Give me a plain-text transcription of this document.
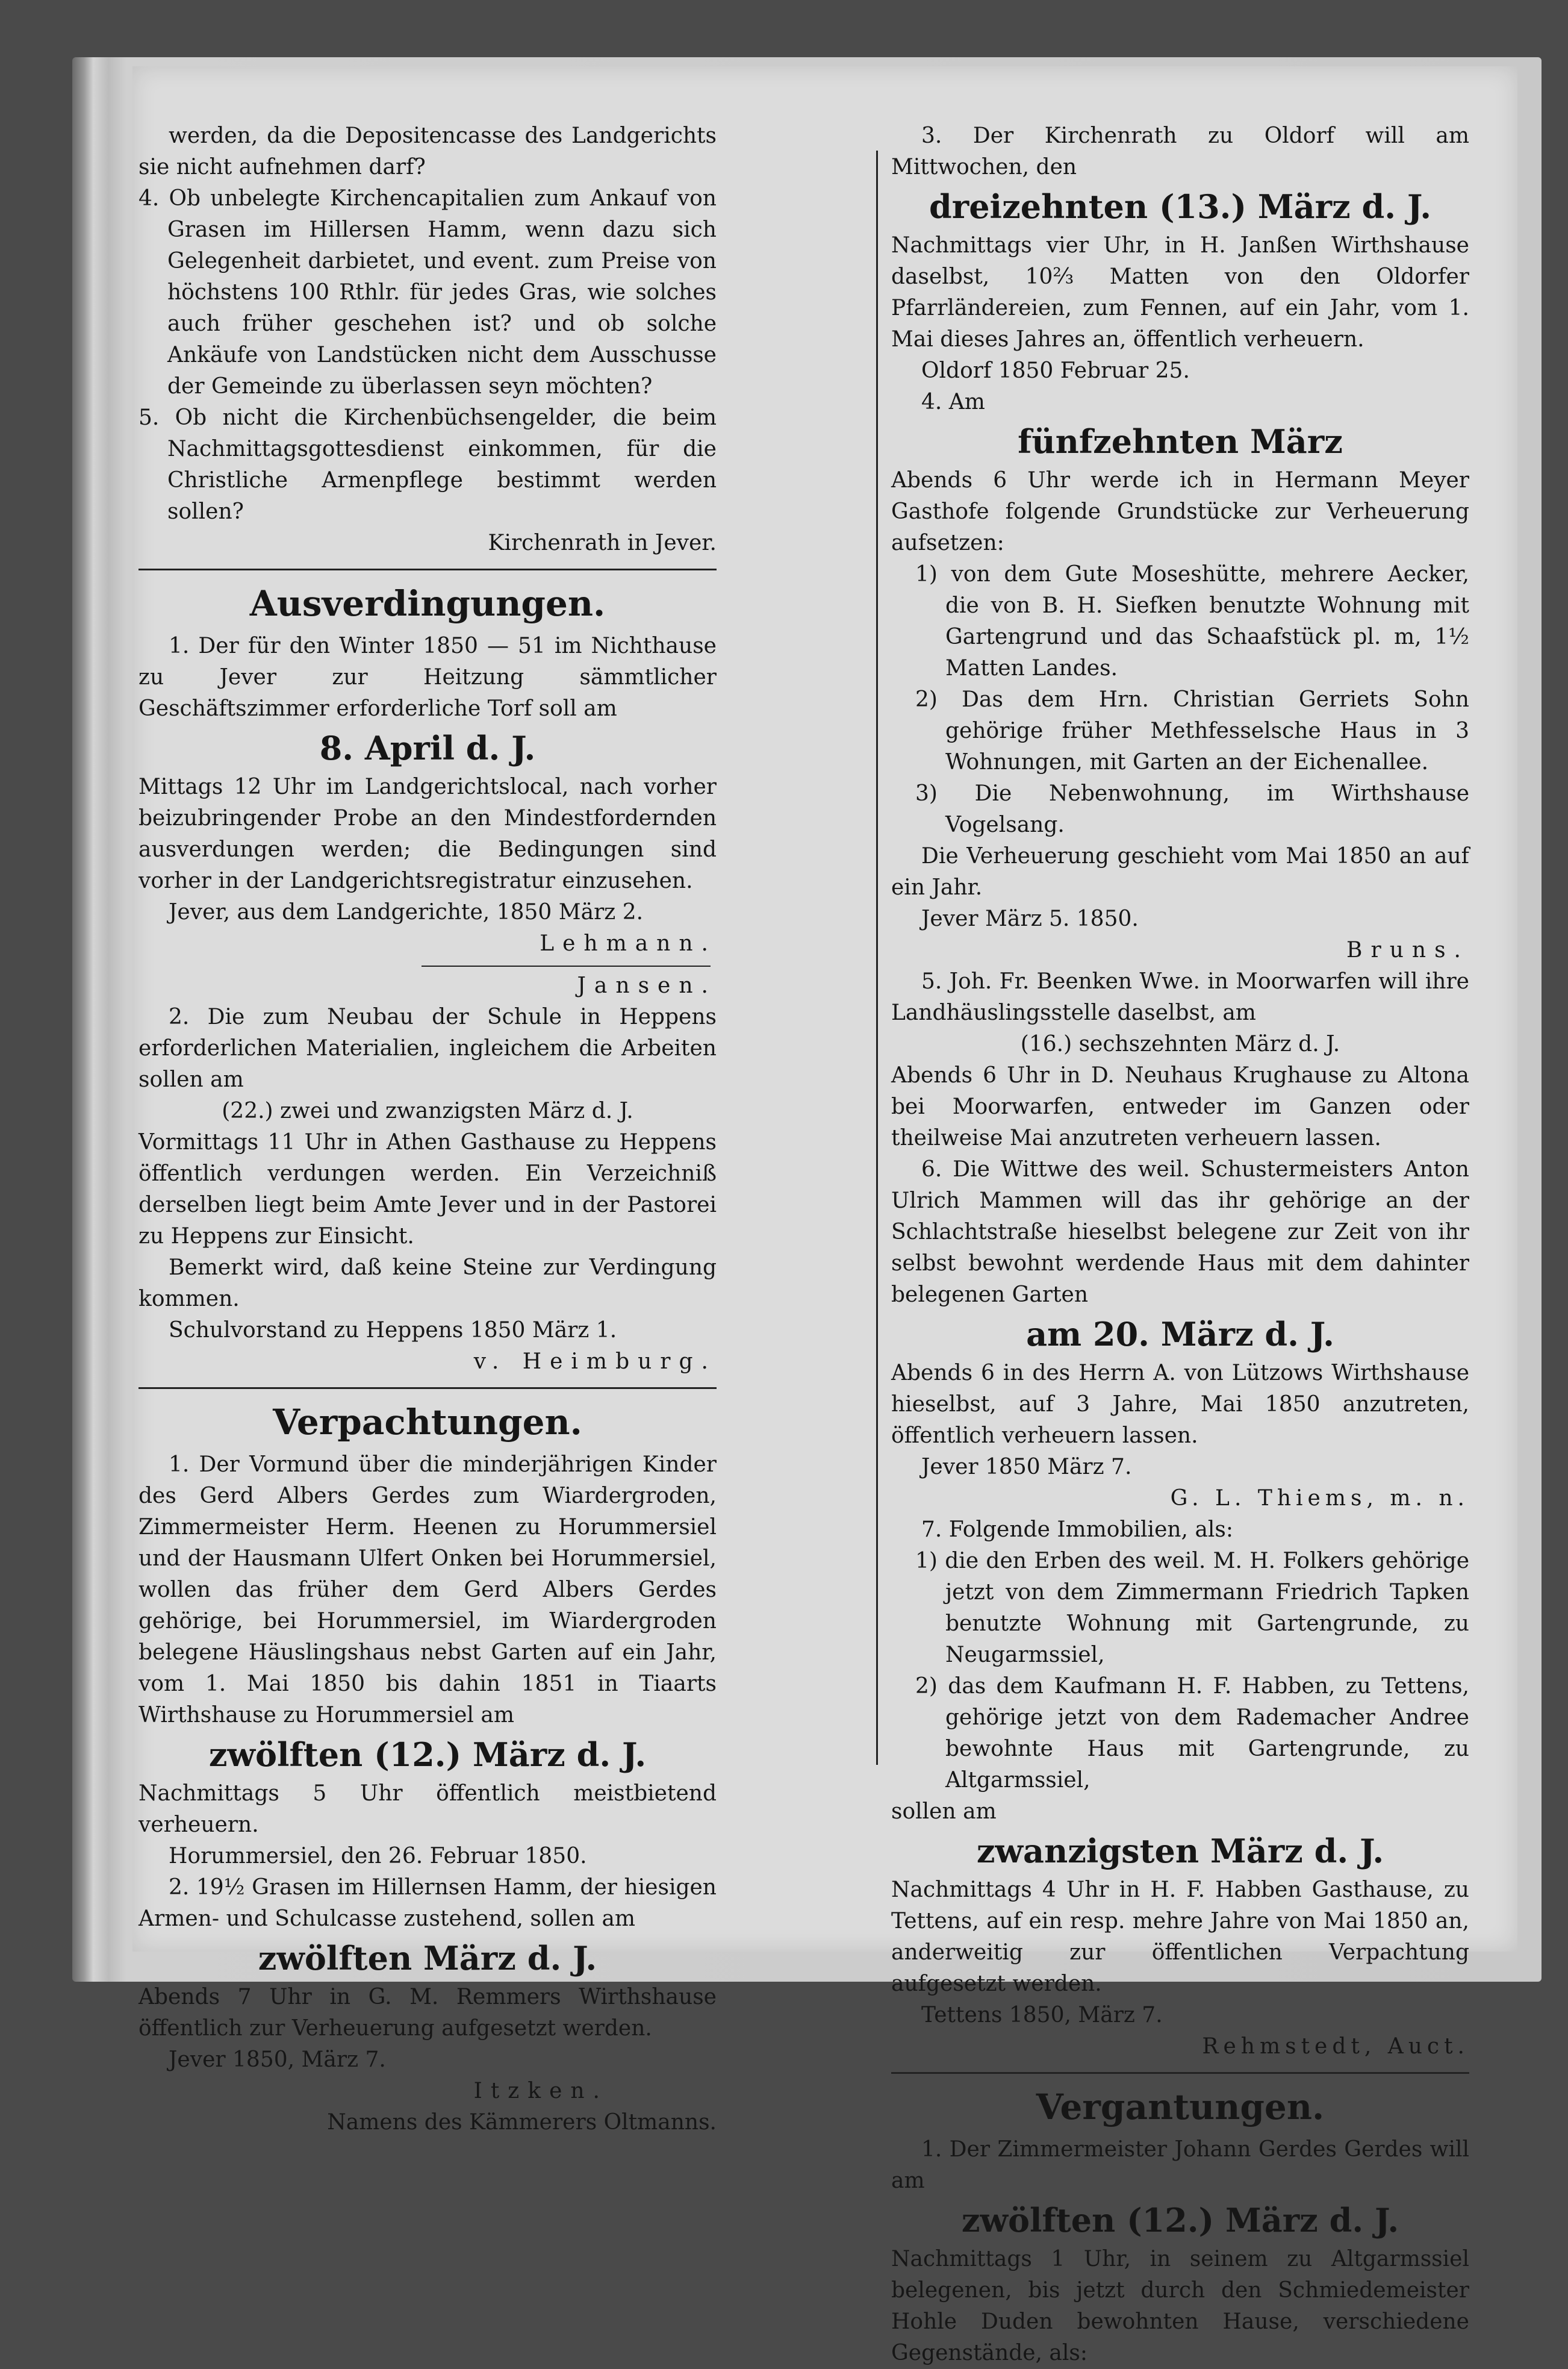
werden, da die Depositencasse des Landgerichts sie nicht aufnehmen darf?

4. Ob unbelegte Kirchencapitalien zum Ankauf von Grasen im Hillersen Hamm, wenn dazu sich Gelegenheit darbietet, und event. zum Preise von höchstens 100 Rthlr. für jedes Gras, wie solches auch früher geschehen ist? und ob solche Ankäufe von Landstücken nicht dem Ausschusse der Gemeinde zu überlassen seyn möchten?

5. Ob nicht die Kirchenbüchsengelder, die beim Nachmittagsgottesdienst einkommen, für die Christliche Armenpflege bestimmt werden sollen?

Kirchenrath in Jever.

Ausverdingungen.

1. Der für den Winter 1850 — 51 im Nichthause zu Jever zur Heitzung sämmtlicher Geschäftszimmer erforderliche Torf soll am

8. April d. J.

Mittags 12 Uhr im Landgerichtslocal, nach vorher beizubringender Probe an den Mindestfordernden ausverdungen werden; die Bedingungen sind vorher in der Landgerichtsregistratur einzusehen.

Jever, aus dem Landgerichte, 1850 März 2.

Lehmann.

Jansen.

2. Die zum Neubau der Schule in Heppens erforderlichen Materialien, ingleichem die Arbeiten sollen am

(22.) zwei und zwanzigsten März d. J.

Vormittags 11 Uhr in Athen Gasthause zu Heppens öffentlich verdungen werden. Ein Verzeichniß derselben liegt beim Amte Jever und in der Pastorei zu Heppens zur Einsicht.

Bemerkt wird, daß keine Steine zur Verdingung kommen.

Schulvorstand zu Heppens 1850 März 1.

v. Heimburg.

Verpachtungen.

1. Der Vormund über die minderjährigen Kinder des Gerd Albers Gerdes zum Wiardergroden, Zimmermeister Herm. Heenen zu Horummersiel und der Hausmann Ulfert Onken bei Horummersiel, wollen das früher dem Gerd Albers Gerdes gehörige, bei Horummersiel, im Wiardergroden belegene Häuslingshaus nebst Garten auf ein Jahr, vom 1. Mai 1850 bis dahin 1851 in Tiaarts Wirthshause zu Horummersiel am

zwölften (12.) März d. J.

Nachmittags 5 Uhr öffentlich meistbietend verheuern.

Horummersiel, den 26. Februar 1850.

2. 19½ Grasen im Hillernsen Hamm, der hiesigen Armen- und Schulcasse zustehend, sollen am

zwölften März d. J.

Abends 7 Uhr in G. M. Remmers Wirthshause öffentlich zur Verheuerung aufgesetzt werden.

Jever 1850, März 7.

Itzken.

Namens des Kämmerers Oltmanns.

3. Der Kirchenrath zu Oldorf will am Mittwochen, den

dreizehnten (13.) März d. J.

Nachmittags vier Uhr, in H. Janßen Wirthshause daselbst, 10⅔ Matten von den Oldorfer Pfarrländereien, zum Fennen, auf ein Jahr, vom 1. Mai dieses Jahres an, öffentlich verheuern.

Oldorf 1850 Februar 25.

4. Am

fünfzehnten März

Abends 6 Uhr werde ich in Hermann Meyer Gasthofe folgende Grundstücke zur Verheuerung aufsetzen:

1) von dem Gute Moseshütte, mehrere Aecker, die von B. H. Siefken benutzte Wohnung mit Gartengrund und das Schaafstück pl. m, 1½ Matten Landes.

2) Das dem Hrn. Christian Gerriets Sohn gehörige früher Methfesselsche Haus in 3 Wohnungen, mit Garten an der Eichenallee.

3) Die Nebenwohnung, im Wirthshause Vogelsang.

Die Verheuerung geschieht vom Mai 1850 an auf ein Jahr.

Jever März 5. 1850.

Bruns.

5. Joh. Fr. Beenken Wwe. in Moorwarfen will ihre Landhäuslingsstelle daselbst, am

(16.) sechszehnten März d. J.

Abends 6 Uhr in D. Neuhaus Krughause zu Altona bei Moorwarfen, entweder im Ganzen oder theilweise Mai anzutreten verheuern lassen.

6. Die Wittwe des weil. Schustermeisters Anton Ulrich Mammen will das ihr gehörige an der Schlachtstraße hieselbst belegene zur Zeit von ihr selbst bewohnt werdende Haus mit dem dahinter belegenen Garten

am 20. März d. J.

Abends 6 in des Herrn A. von Lützows Wirthshause hieselbst, auf 3 Jahre, Mai 1850 anzutreten, öffentlich verheuern lassen.

Jever 1850 März 7.

G. L. Thiems, m. n.

7. Folgende Immobilien, als:

1) die den Erben des weil. M. H. Folkers gehörige jetzt von dem Zimmermann Friedrich Tapken benutzte Wohnung mit Gartengrunde, zu Neugarmssiel,

2) das dem Kaufmann H. F. Habben, zu Tettens, gehörige jetzt von dem Rademacher Andree bewohnte Haus mit Gartengrunde, zu Altgarmssiel,

sollen am

zwanzigsten März d. J.

Nachmittags 4 Uhr in H. F. Habben Gasthause, zu Tettens, auf ein resp. mehre Jahre von Mai 1850 an, anderweitig zur öffentlichen Verpachtung aufgesetzt werden.

Tettens 1850, März 7.

Rehmstedt, Auct.

Vergantungen.

1. Der Zimmermeister Johann Gerdes Gerdes will am

zwölften (12.) März d. J.

Nachmittags 1 Uhr, in seinem zu Altgarmssiel belegenen, bis jetzt durch den Schmiedemeister Hohle Duden bewohnten Hause, verschiedene Gegenstände, als:
